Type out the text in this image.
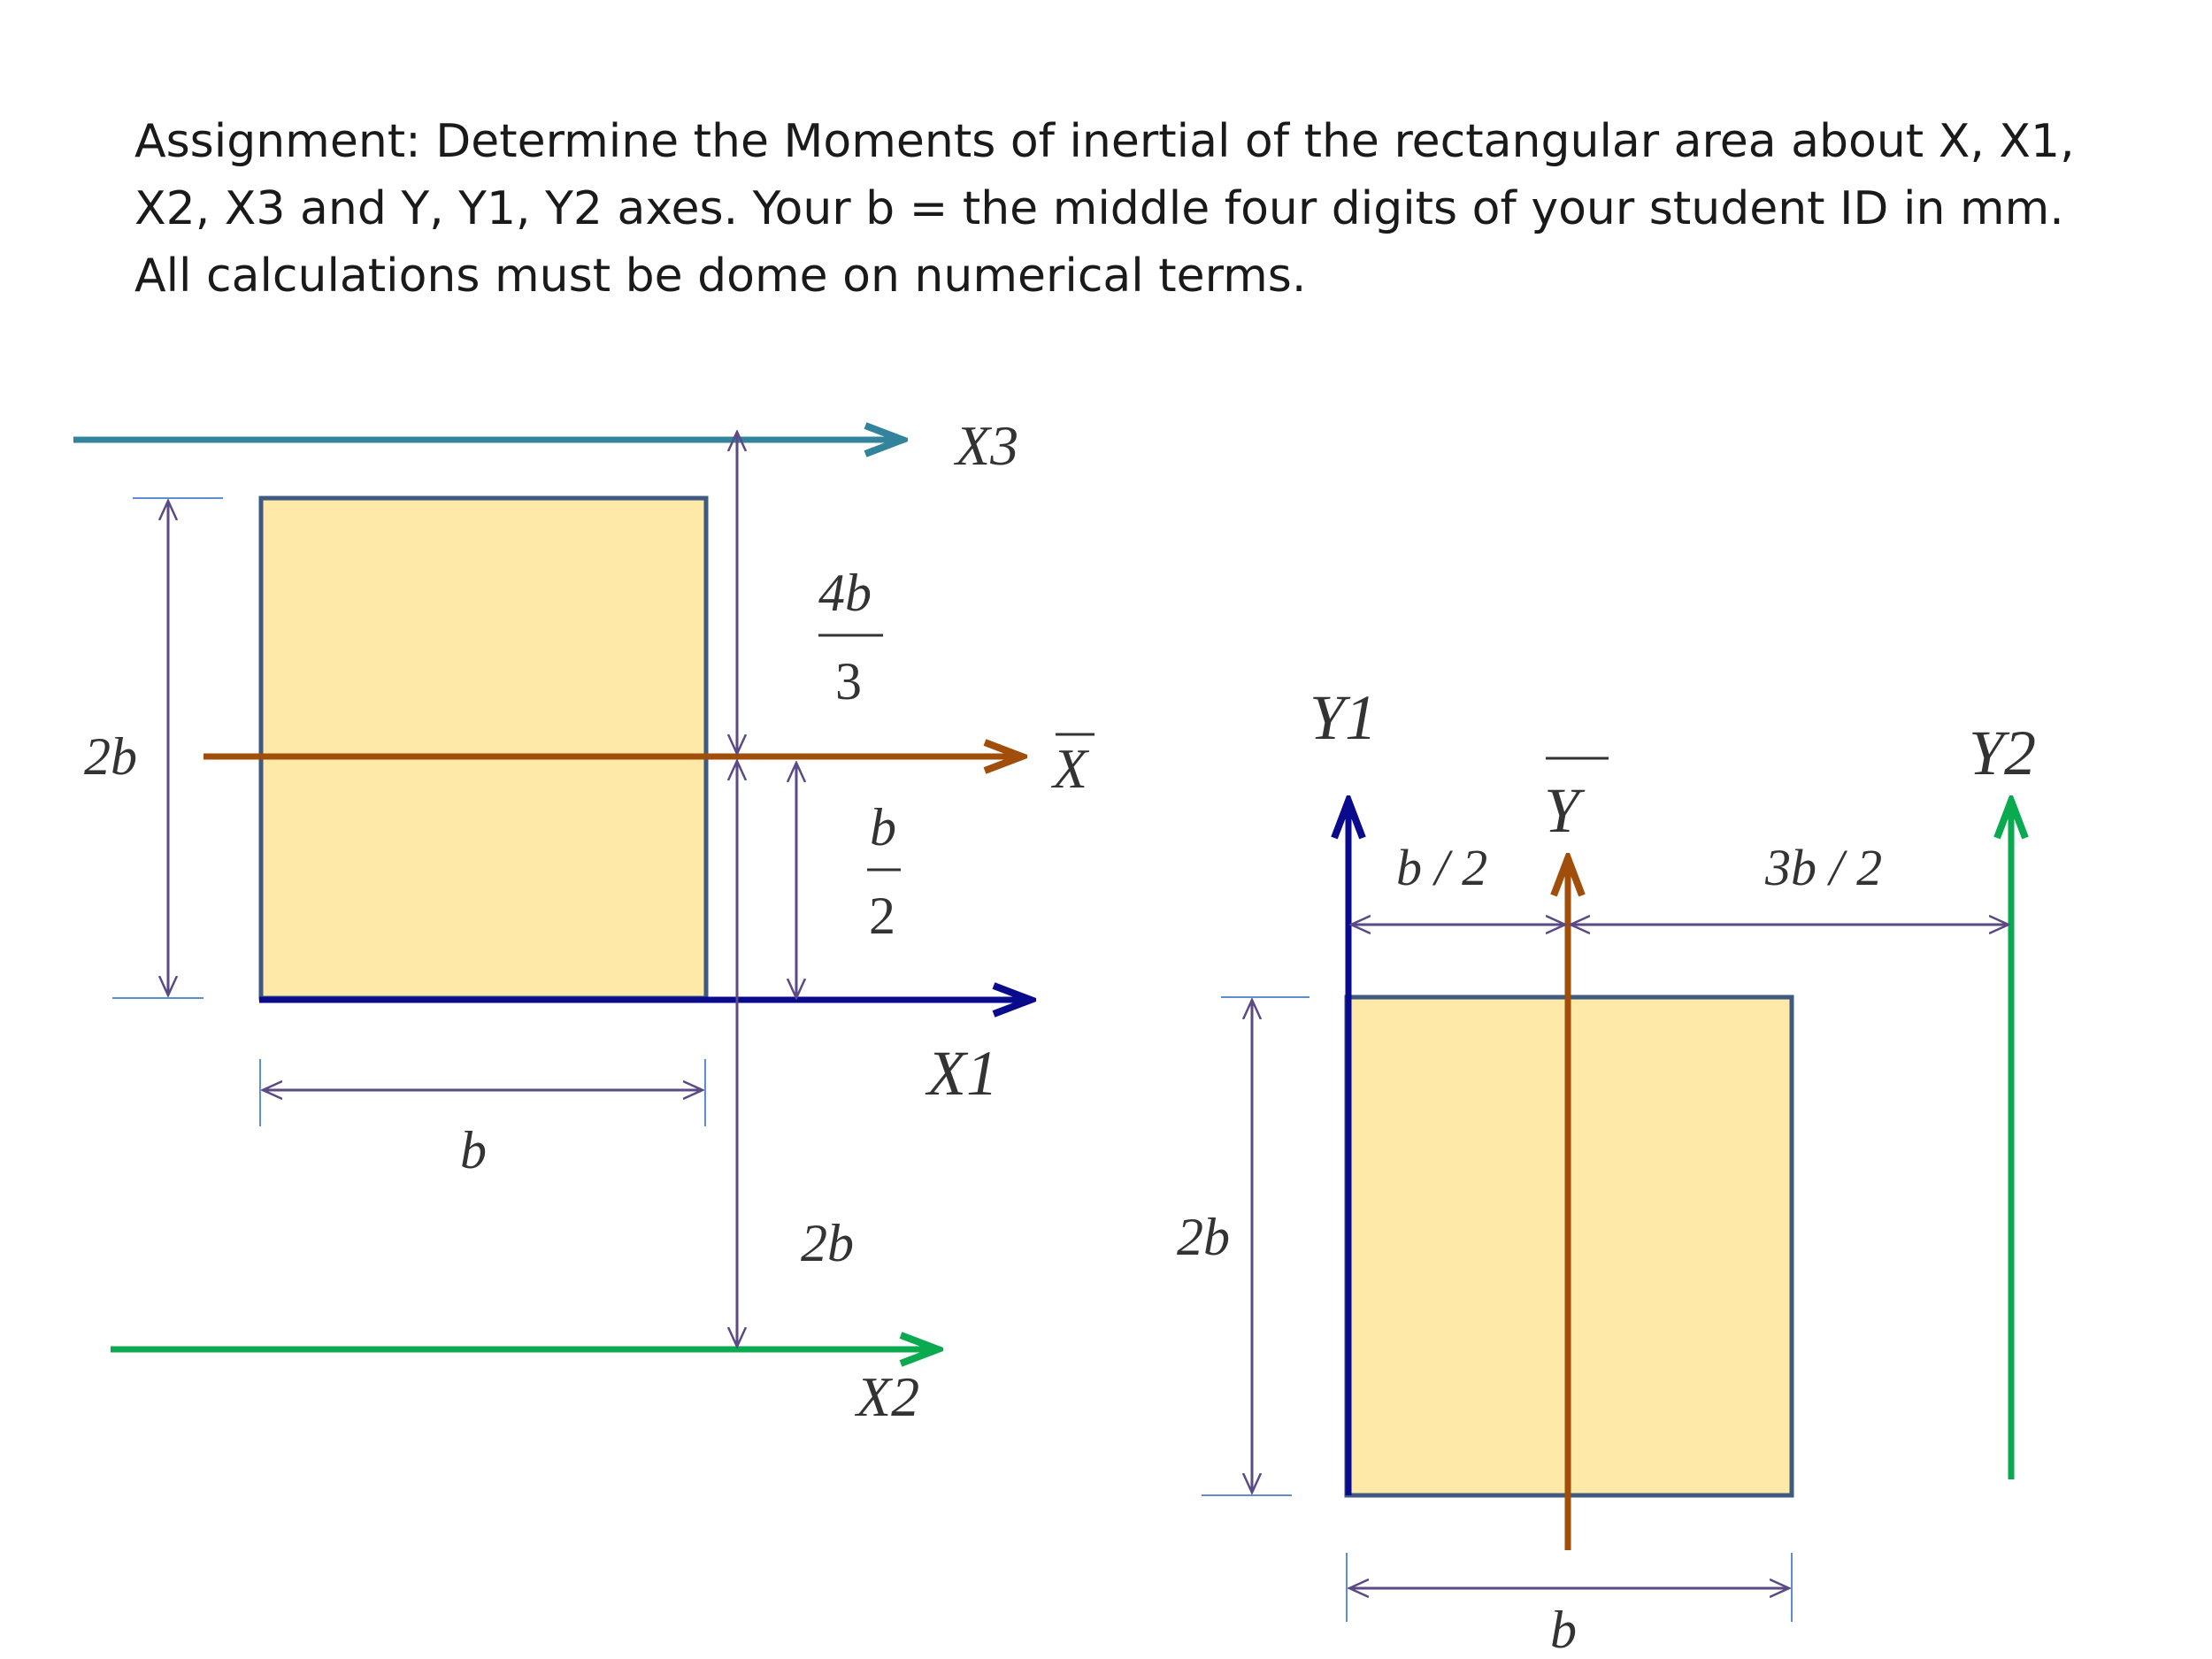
Assignment: Determine the Moments of inertial of the rectangular area about X, X1, X2, X3 and Y, Y1, Y2 axes. Your b = the middle four digits of your student ID in mm. All calculations must be dome on numerical terms.
X3
X
X1
X2
2b
b
4b
3
b
2
2b
Y1
Y
Y2
b / 2	3b / 2
2b
b
